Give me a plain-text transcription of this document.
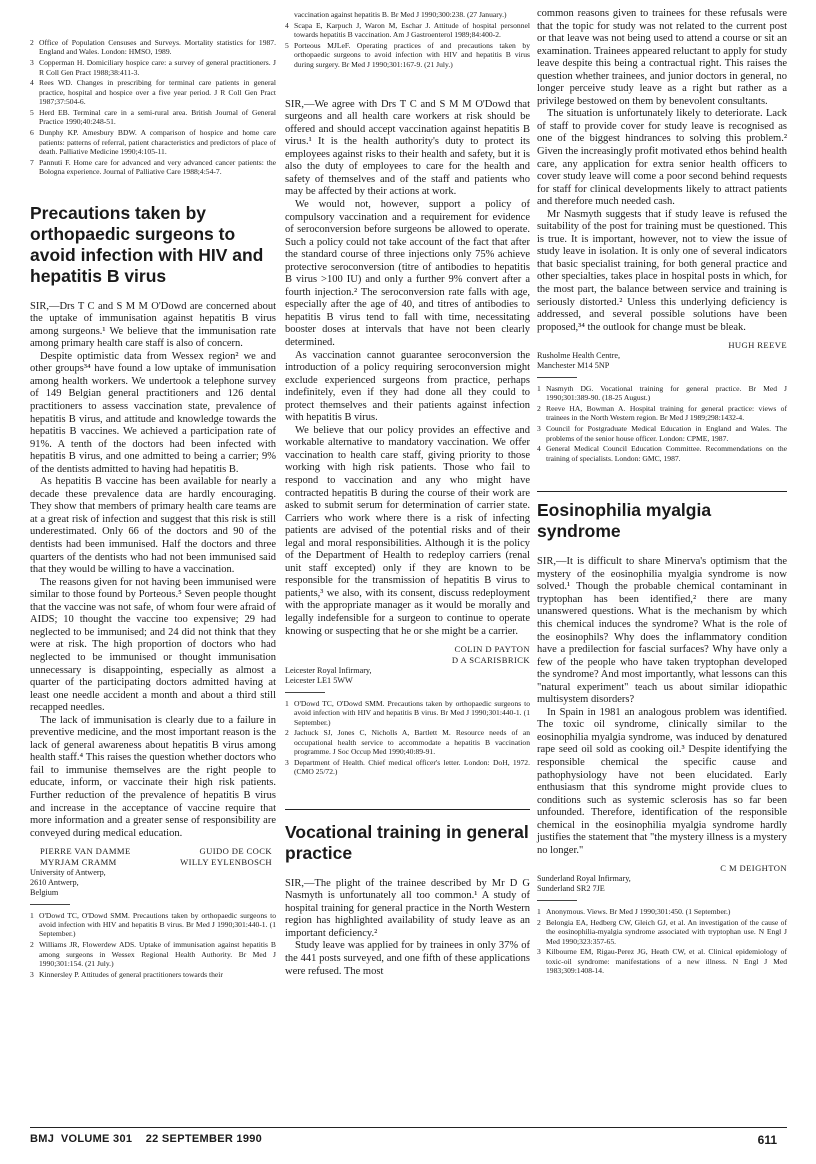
2 Office of Population Censuses and Surveys. Mortality statistics for 1987. England and Wales. London: HMSO, 1989.
3 Copperman H. Domiciliary hospice care: a survey of general practitioners. J R Coll Gen Pract 1988;38:411-3.
4 Rees WD. Changes in prescribing for terminal care patients in general practice, hospital and hospice over a five year period. J R Coll Gen Pract 1987;37:504-6.
5 Herd EB. Terminal care in a semi-rural area. British Journal of General Practice 1990;40:248-51.
6 Dunphy KP. Amesbury BDW. A comparison of hospice and home care patients: patterns of referral, patient characteristics and predictors of place of death. Palliative Medicine 1990;4:105-11.
7 Pannuti F. Home care for advanced and very advanced cancer patients: the Bologna experience. Journal of Palliative Care 1988;4:54-7.
Precautions taken by orthopaedic surgeons to avoid infection with HIV and hepatitis B virus

SIR,—Drs T C and S M M O'Dowd are concerned about the uptake of immunisation against hepatitis B virus among surgeons.¹ We believe that the immunisation rate among primary health care staff is also of concern.

Despite optimistic data from Wessex region² we and other groups³⁴ have found a low uptake of immunisation among health workers. We undertook a telephone survey of 149 Belgian general practitioners and 126 dental practitioners to assess vaccination state, prevalence of hepatitis B virus, and attitude and knowledge towards the hepatitis B vaccines. We achieved a participation rate of 91%. A tenth of the doctors had been infected with hepatitis B virus, and one admitted to being a carrier; 9% of the dentists admitted to having had hepatitis B.

As hepatitis B vaccine has been available for nearly a decade these prevalence data are hardly encouraging. They show that members of primary health care teams are at a great risk of infection and suggest that this risk is still underestimated. Only 66 of the doctors and 90 of the dentists had been immunised. Half the doctors and three quarters of the dentists who had not been immunised said that they would be willing to have a vaccination.

The reasons given for not having been immunised were similar to those found by Porteous.⁵ Seven people thought that the vaccine was not safe, of whom four were afraid of AIDS; 10 thought the vaccine too expensive; 29 had neglected to be immunised; and 24 did not think that they were at risk. The high proportion of doctors who had neglected to be immunised or thought immunisation unnecessary is disappointing, especially as almost a quarter of the participating doctors admitted having at least one needle accident a month and about a third still recapped needles.

The lack of immunisation is clearly due to a failure in preventive medicine, and the most important reason is the lack of general awareness about hepatitis B virus among health staff.⁴ This raises the question whether doctors who fail to immunise themselves are the right people to educate, inform, or vaccinate their high risk patients. Further reduction of the prevalence of hepatitis B virus and increase in the acceptance of vaccine require that more information and a greater sense of responsibility are conveyed during medical education.

PIERRE VAN DAMME	GUIDO DE COCK
MYRJAM CRAMM	WILLY EYLENBOSCH

University of Antwerp,
2610 Antwerp,
Belgium

1 O'Dowd TC, O'Dowd SMM. Precautions taken by orthopaedic surgeons to avoid infection with HIV and hepatitis B virus. Br Med J 1990;301:440-1. (1 September.)
2 Williams JR, Flowerdew ADS. Uptake of immunisation against hepatitis B among surgeons in Wessex Regional Health Authority. Br Med J 1990;301:154. (21 July.)
3 Kinnersley P. Attitudes of general practitioners towards their
vaccination against hepatitis B. Br Med J 1990;300:238. (27 January.)
4 Scapa E, Karpuch J, Waron M, Eschar J. Attitude of hospital personnel towards hepatitis B vaccination. Am J Gastroenterol 1989;84:400-2.
5 Porteous MJLeF. Operating practices of and precautions taken by orthopaedic surgeons to avoid infection with HIV and hepatitis B virus during surgery. Br Med J 1990;301:167-9. (21 July.)

SIR,—We agree with Drs T C and S M M O'Dowd that surgeons and all health care workers at risk should be offered and should accept vaccination against hepatitis B virus.¹ It is the health authority's duty to protect its employees against risks to their health and safety, but it is also the duty of employees to care for the health and safety of themselves and of the staff and patients who may be affected by their actions at work.

We would not, however, support a policy of compulsory vaccination and a requirement for evidence of seroconversion before surgeons be allowed to operate. Such a policy could not take account of the fact that after the standard course of three injections only 75% achieve protective seroconversion (titre of antibodies to hepatitis B virus >100 IU) and only a further 9% convert after a fourth injection.² The seroconversion rate falls with age, especially after the age of 40, and titres of antibodies to hepatitis B virus tend to fall with time, necessitating booster doses at intervals that have not been clearly determined.

As vaccination cannot guarantee seroconversion the introduction of a policy requiring seroconversion might exclude experienced surgeons from practice, perhaps indefinitely, even if they had done all they could to protect themselves and their patients against infection with hepatitis B virus.

We believe that our policy provides an effective and workable alternative to mandatory vaccination. We offer vaccination to health care staff, giving priority to those working with high risk patients. Those who fail to respond to vaccination and any who might have contracted hepatitis B during the course of their work are asked to submit serum for determination of carrier state. Carriers who work where there is a risk of infecting patients are advised of the potential risks and of their legal and moral responsibilities. Although it is the policy of the Department of Health to redeploy carriers (renal unit staff excepted) only if they are known to be responsible for the transmission of hepatitis B virus to patients,³ we also, with its consent, discuss redeployment with the appropriate manager as it would be morally and legally indefensible for a surgeon to continue to operate knowing or suspecting that he or she might be a carrier.

COLIN D PAYTON
D A SCARISBRICK

Leicester Royal Infirmary,
Leicester LE1 5WW

1 O'Dowd TC, O'Dowd SMM. Precautions taken by orthopaedic surgeons to avoid infection with HIV and hepatitis B virus. Br Med J 1990;301:440-1. (1 September.)
2 Jachuck SJ, Jones C, Nicholls A, Bartlett M. Resource needs of an occupational health service to accommodate a hepatitis B vaccination programme. J Soc Occup Med 1990;40:89-91.
3 Department of Health. Chief medical officer's letter. London: DoH, 1972. (CMO 25/72.)
Vocational training in general practice

SIR,—The plight of the trainee described by Mr D G Nasmyth is unfortunately all too common.¹ A study of hospital training for general practice in the North Western region has highlighted availability of study leave as an important deficiency.²

Study leave was applied for by trainees in only 37% of the 441 posts surveyed, and one fifth of these applications were refused. The most

common reasons given to trainees for these refusals were that the topic for study was not related to the current post or that leave was not being used to attend a course or sit an examination. Trainees appeared reluctant to apply for study leave despite this being a contractual right. This raises the question whether trainees, and junior doctors in general, no longer perceive study leave as a right but rather as a privilege bestowed on them by benevolent consultants.

The situation is unfortunately likely to deteriorate. Lack of staff to provide cover for study leave is recognised as one of the biggest hindrances to solving this problem.² Given the increasingly profit motivated ethos behind health care, any application for extra senior health officers to cover study leave will come a poor second behind requests for staff for clinical developments likely to attract patients and therefore much needed cash.

Mr Nasmyth suggests that if study leave is refused the suitability of the post for training must be questioned. This is true. It is important, however, not to view the issue of study leave in isolation. It is only one of several indicators that basic specialist training, for both general practice and other specialties, takes place in hospital posts in which, for the most part, the balance between service and training is seriously distorted.² Unless this underlying deficiency is addressed, and several possible solutions have been proposed,³⁴ the outlook for change must be bleak.

HUGH REEVE

Rusholme Health Centre,
Manchester M14 5NP

1 Nasmyth DG. Vocational training for general practice. Br Med J 1990;301:389-90. (18-25 August.)
2 Reeve HA, Bowman A. Hospital training for general practice: views of trainees in the North Western region. Br Med J 1989;298:1432-4.
3 Council for Postgraduate Medical Education in England and Wales. The problems of the senior house officer. London: CPME, 1987.
4 General Medical Council Education Committee. Recommendations on the training of specialists. London: GMC, 1987.
Eosinophilia myalgia syndrome

SIR,—It is difficult to share Minerva's optimism that the mystery of the eosinophilia myalgia syndrome is now solved.¹ Though the probable chemical contaminant in tryptophan has been identified,² there are many unanswered questions. What is the mechanism by which this chemical induces the syndrome? What is the role of the eosinophils? Why does the inflammatory condition have a predilection for fascial surfaces? Why have only a few of the people who have taken tryptophan developed the syndrome? And most importantly, what lessons can this "natural experiment" teach us about similar idiopathic multisystem disorders?

In Spain in 1981 an analogous problem was identified. The toxic oil syndrome, clinically similar to the eosinophilia myalgia syndrome, was induced by denatured rape seed oil sold as cooking oil.³ Despite identifying the responsible chemical the specific cause and pathophysiology have not been elucidated. Early enthusiasm that this syndrome might provide clues to conditions such as systemic sclerosis has so far been unfounded. Therefore, identification of the responsible chemical in the eosinophilia myalgia syndrome hardly justifies the statement that "the mystery illness is a mystery no longer."

C M DEIGHTON

Sunderland Royal Infirmary,
Sunderland SR2 7JE

1 Anonymous. Views. Br Med J 1990;301:450. (1 September.)
2 Belongia EA, Hedberg CW, Gleich GJ, et al. An investigation of the cause of the eosinophilia-myalgia syndrome associated with tryptophan use. N Engl J Med 1990;323:357-65.
3 Kilbourne EM, Rigau-Perez JG, Heath CW, et al. Clinical epidemiology of toxic-oil syndrome: manifestations of a new illness. N Engl J Med 1983;309:1408-14.
BMJ  VOLUME 301    22 SEPTEMBER 1990	611
